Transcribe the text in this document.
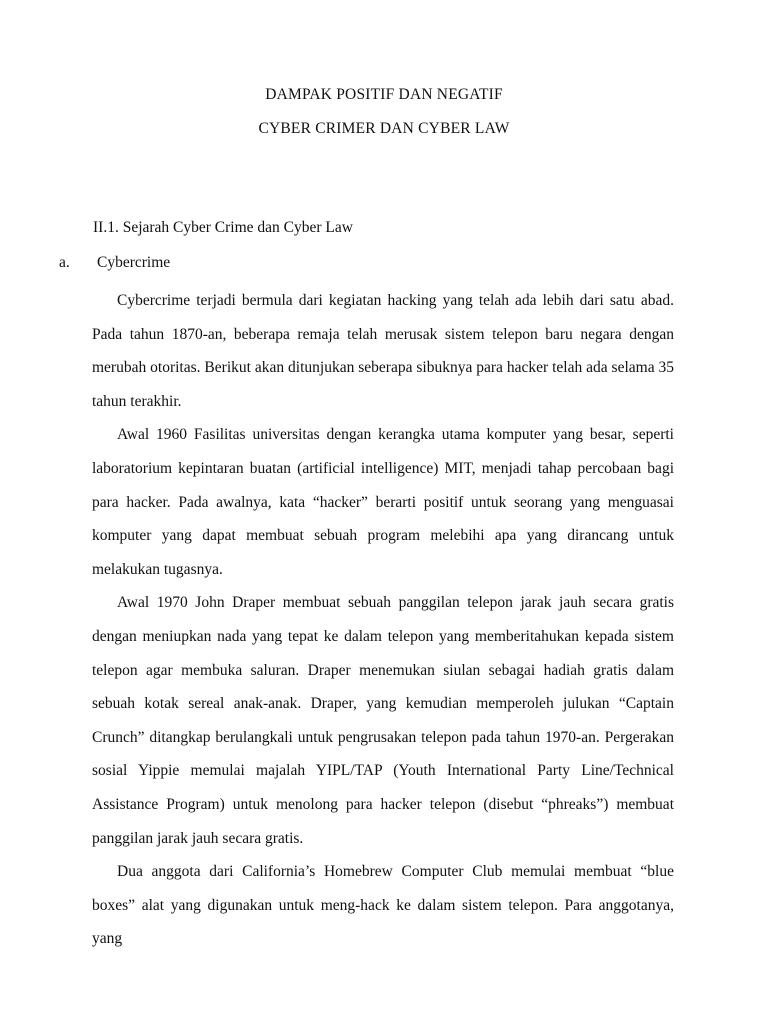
DAMPAK POSITIF DAN NEGATIF
CYBER CRIMER DAN CYBER LAW
II.1. Sejarah Cyber Crime dan Cyber Law
a. Cybercrime

Cybercrime terjadi bermula dari kegiatan hacking yang telah ada lebih dari satu abad. Pada tahun 1870-an, beberapa remaja telah merusak sistem telepon baru negara dengan merubah otoritas. Berikut akan ditunjukan seberapa sibuknya para hacker telah ada selama 35 tahun terakhir.

Awal 1960 Fasilitas universitas dengan kerangka utama komputer yang besar, seperti laboratorium kepintaran buatan (artificial intelligence) MIT, menjadi tahap percobaan bagi para hacker. Pada awalnya, kata “hacker” berarti positif untuk seorang yang menguasai komputer yang dapat membuat sebuah program melebihi apa yang dirancang untuk melakukan tugasnya.

Awal 1970 John Draper membuat sebuah panggilan telepon jarak jauh secara gratis dengan meniupkan nada yang tepat ke dalam telepon yang memberitahukan kepada sistem telepon agar membuka saluran. Draper menemukan siulan sebagai hadiah gratis dalam sebuah kotak sereal anak-anak. Draper, yang kemudian memperoleh julukan “Captain Crunch” ditangkap berulangkali untuk pengrusakan telepon pada tahun 1970-an. Pergerakan sosial Yippie memulai majalah YIPL/TAP (Youth International Party Line/Technical Assistance Program) untuk menolong para hacker telepon (disebut “phreaks”) membuat panggilan jarak jauh secara gratis.

Dua anggota dari California’s Homebrew Computer Club memulai membuat “blue boxes” alat yang digunakan untuk meng-hack ke dalam sistem telepon. Para anggotanya, yang
